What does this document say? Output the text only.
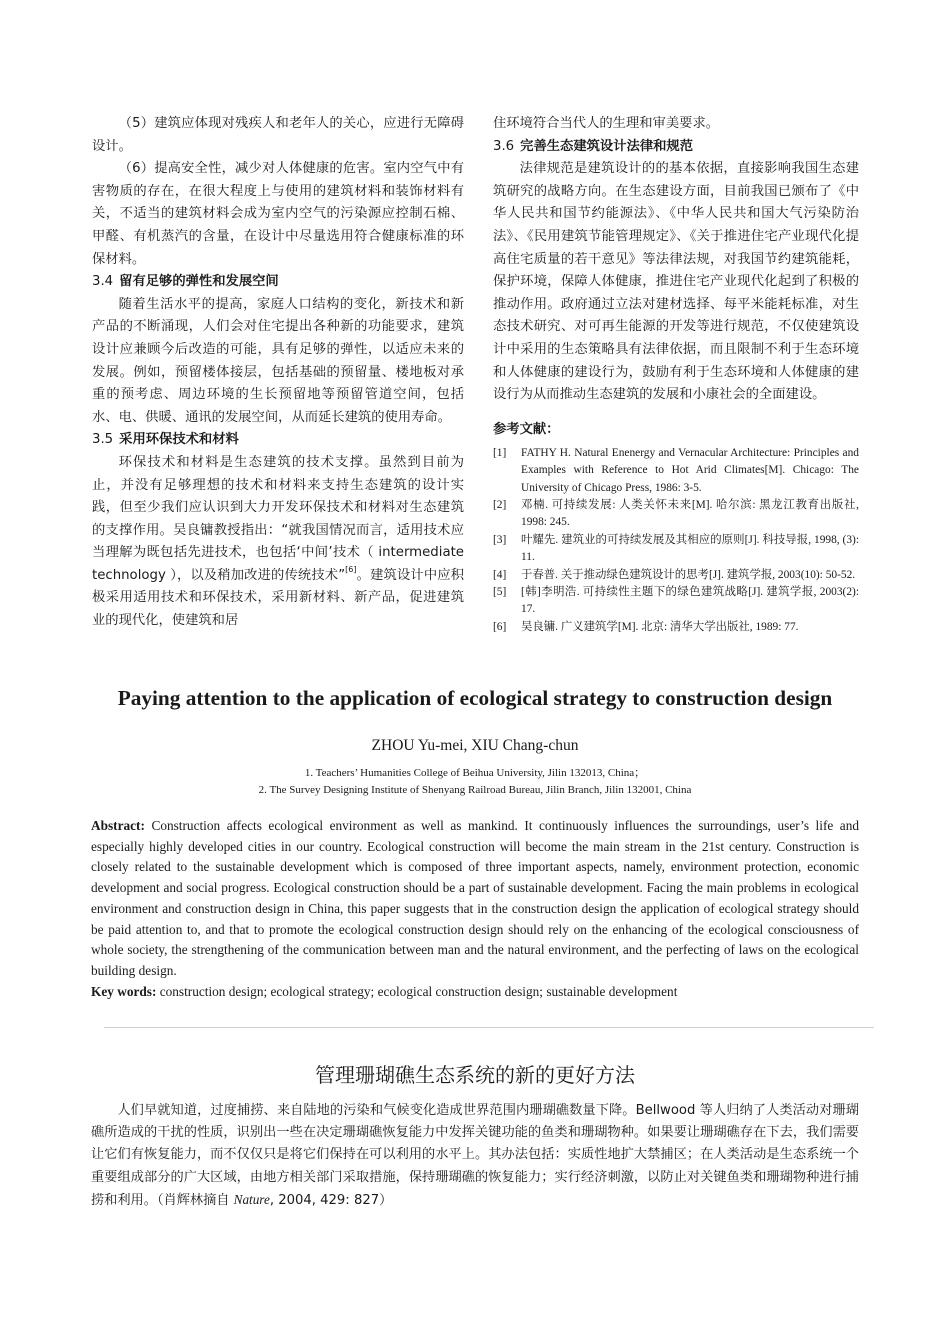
（5）建筑应体现对残疾人和老年人的关心，应进行无障碍设计。

（6）提高安全性，减少对人体健康的危害。室内空气中有害物质的存在，在很大程度上与使用的建筑材料和装饰材料有关，不适当的建筑材料会成为室内空气的污染源应控制石棉、甲醛、有机蒸汽的含量，在设计中尽量选用符合健康标准的环保材料。

3.4 留有足够的弹性和发展空间

随着生活水平的提高，家庭人口结构的变化，新技术和新产品的不断涌现，人们会对住宅提出各种新的功能要求，建筑设计应兼顾今后改造的可能，具有足够的弹性，以适应未来的发展。例如，预留楼体接层，包括基础的预留量、楼地板对承重的预考虑、周边环境的生长预留地等预留管道空间，包括水、电、供暖、通讯的发展空间，从而延长建筑的使用寿命。

3.5 采用环保技术和材料

环保技术和材料是生态建筑的技术支撑。虽然到目前为止，并没有足够理想的技术和材料来支持生态建筑的设计实践，但至少我们应认识到大力开发环保技术和材料对生态建筑的支撑作用。吴良镛教授指出：“就我国情况而言，适用技术应当理解为既包括先进技术，也包括‘中间’技术（ intermediate technology ），以及稍加改进的传统技术”[6]。建筑设计中应积极采用适用技术和环保技术，采用新材料、新产品，促进建筑业的现代化，使建筑和居

住环境符合当代人的生理和审美要求。

3.6 完善生态建筑设计法律和规范

法律规范是建筑设计的的基本依据，直接影响我国生态建筑研究的战略方向。在生态建设方面，目前我国已颁布了《中华人民共和国节约能源法》、《中华人民共和国大气污染防治法》、《民用建筑节能管理规定》、《关于推进住宅产业现代化提高住宅质量的若干意见》等法律法规，对我国节约建筑能耗，保护环境，保障人体健康，推进住宅产业现代化起到了积极的推动作用。政府通过立法对建材选择、每平米能耗标准，对生态技术研究、对可再生能源的开发等进行规范，不仅使建筑设计中采用的生态策略具有法律依据，而且限制不利于生态环境和人体健康的建设行为，鼓励有利于生态环境和人体健康的建设行为从而推动生态建筑的发展和小康社会的全面建设。

参考文献：
[1] FATHY H. Natural Enenergy and Vernacular Architecture: Principles and Examples with Reference to Hot Arid Climates[M]. Chicago: The University of Chicago Press, 1986: 3-5.
[2] 邓楠. 可持续发展: 人类关怀未来[M]. 哈尔滨: 黑龙江教育出版社, 1998: 245.
[3] 叶耀先. 建筑业的可持续发展及其相应的原则[J]. 科技导报, 1998, (3): 11.
[4] 于春普. 关于推动绿色建筑设计的思考[J]. 建筑学报, 2003(10): 50-52.
[5] [韩]李明浩. 可持续性主题下的绿色建筑战略[J]. 建筑学报, 2003(2): 17.
[6] 吴良镛. 广义建筑学[M]. 北京: 清华大学出版社, 1989: 77.
Paying attention to the application of ecological strategy to construction design
ZHOU Yu-mei, XIU Chang-chun
1. Teachers’ Humanities College of Beihua University, Jilin 132013, China；
2. The Survey Designing Institute of Shenyang Railroad Bureau, Jilin Branch, Jilin 132001, China

Abstract: Construction affects ecological environment as well as mankind. It continuously influences the surroundings, user’s life and especially highly developed cities in our country. Ecological construction will become the main stream in the 21st century. Construction is closely related to the sustainable development which is composed of three important aspects, namely, environment protection, economic development and social progress. Ecological construction should be a part of sustainable development. Facing the main problems in ecological environment and construction design in China, this paper suggests that in the construction design the application of ecological strategy should be paid attention to, and that to promote the ecological construction design should rely on the enhancing of the ecological consciousness of whole society, the strengthening of the communication between man and the natural environment, and the perfecting of laws on the ecological building design.

Key words: construction design; ecological strategy; ecological construction design; sustainable development

管理珊瑚礁生态系统的新的更好方法

人们早就知道，过度捕捞、来自陆地的污染和气候变化造成世界范围内珊瑚礁数量下降。Bellwood 等人归纳了人类活动对珊瑚礁所造成的干扰的性质，识别出一些在决定珊瑚礁恢复能力中发挥关键功能的鱼类和珊瑚物种。如果要让珊瑚礁存在下去，我们需要让它们有恢复能力，而不仅仅只是将它们保持在可以利用的水平上。其办法包括：实质性地扩大禁捕区；在人类活动是生态系统一个重要组成部分的广大区域，由地方相关部门采取措施，保持珊瑚礁的恢复能力；实行经济刺激，以防止对关键鱼类和珊瑚物种进行捕捞和利用。（肖辉林摘自 Nature, 2004, 429: 827）
